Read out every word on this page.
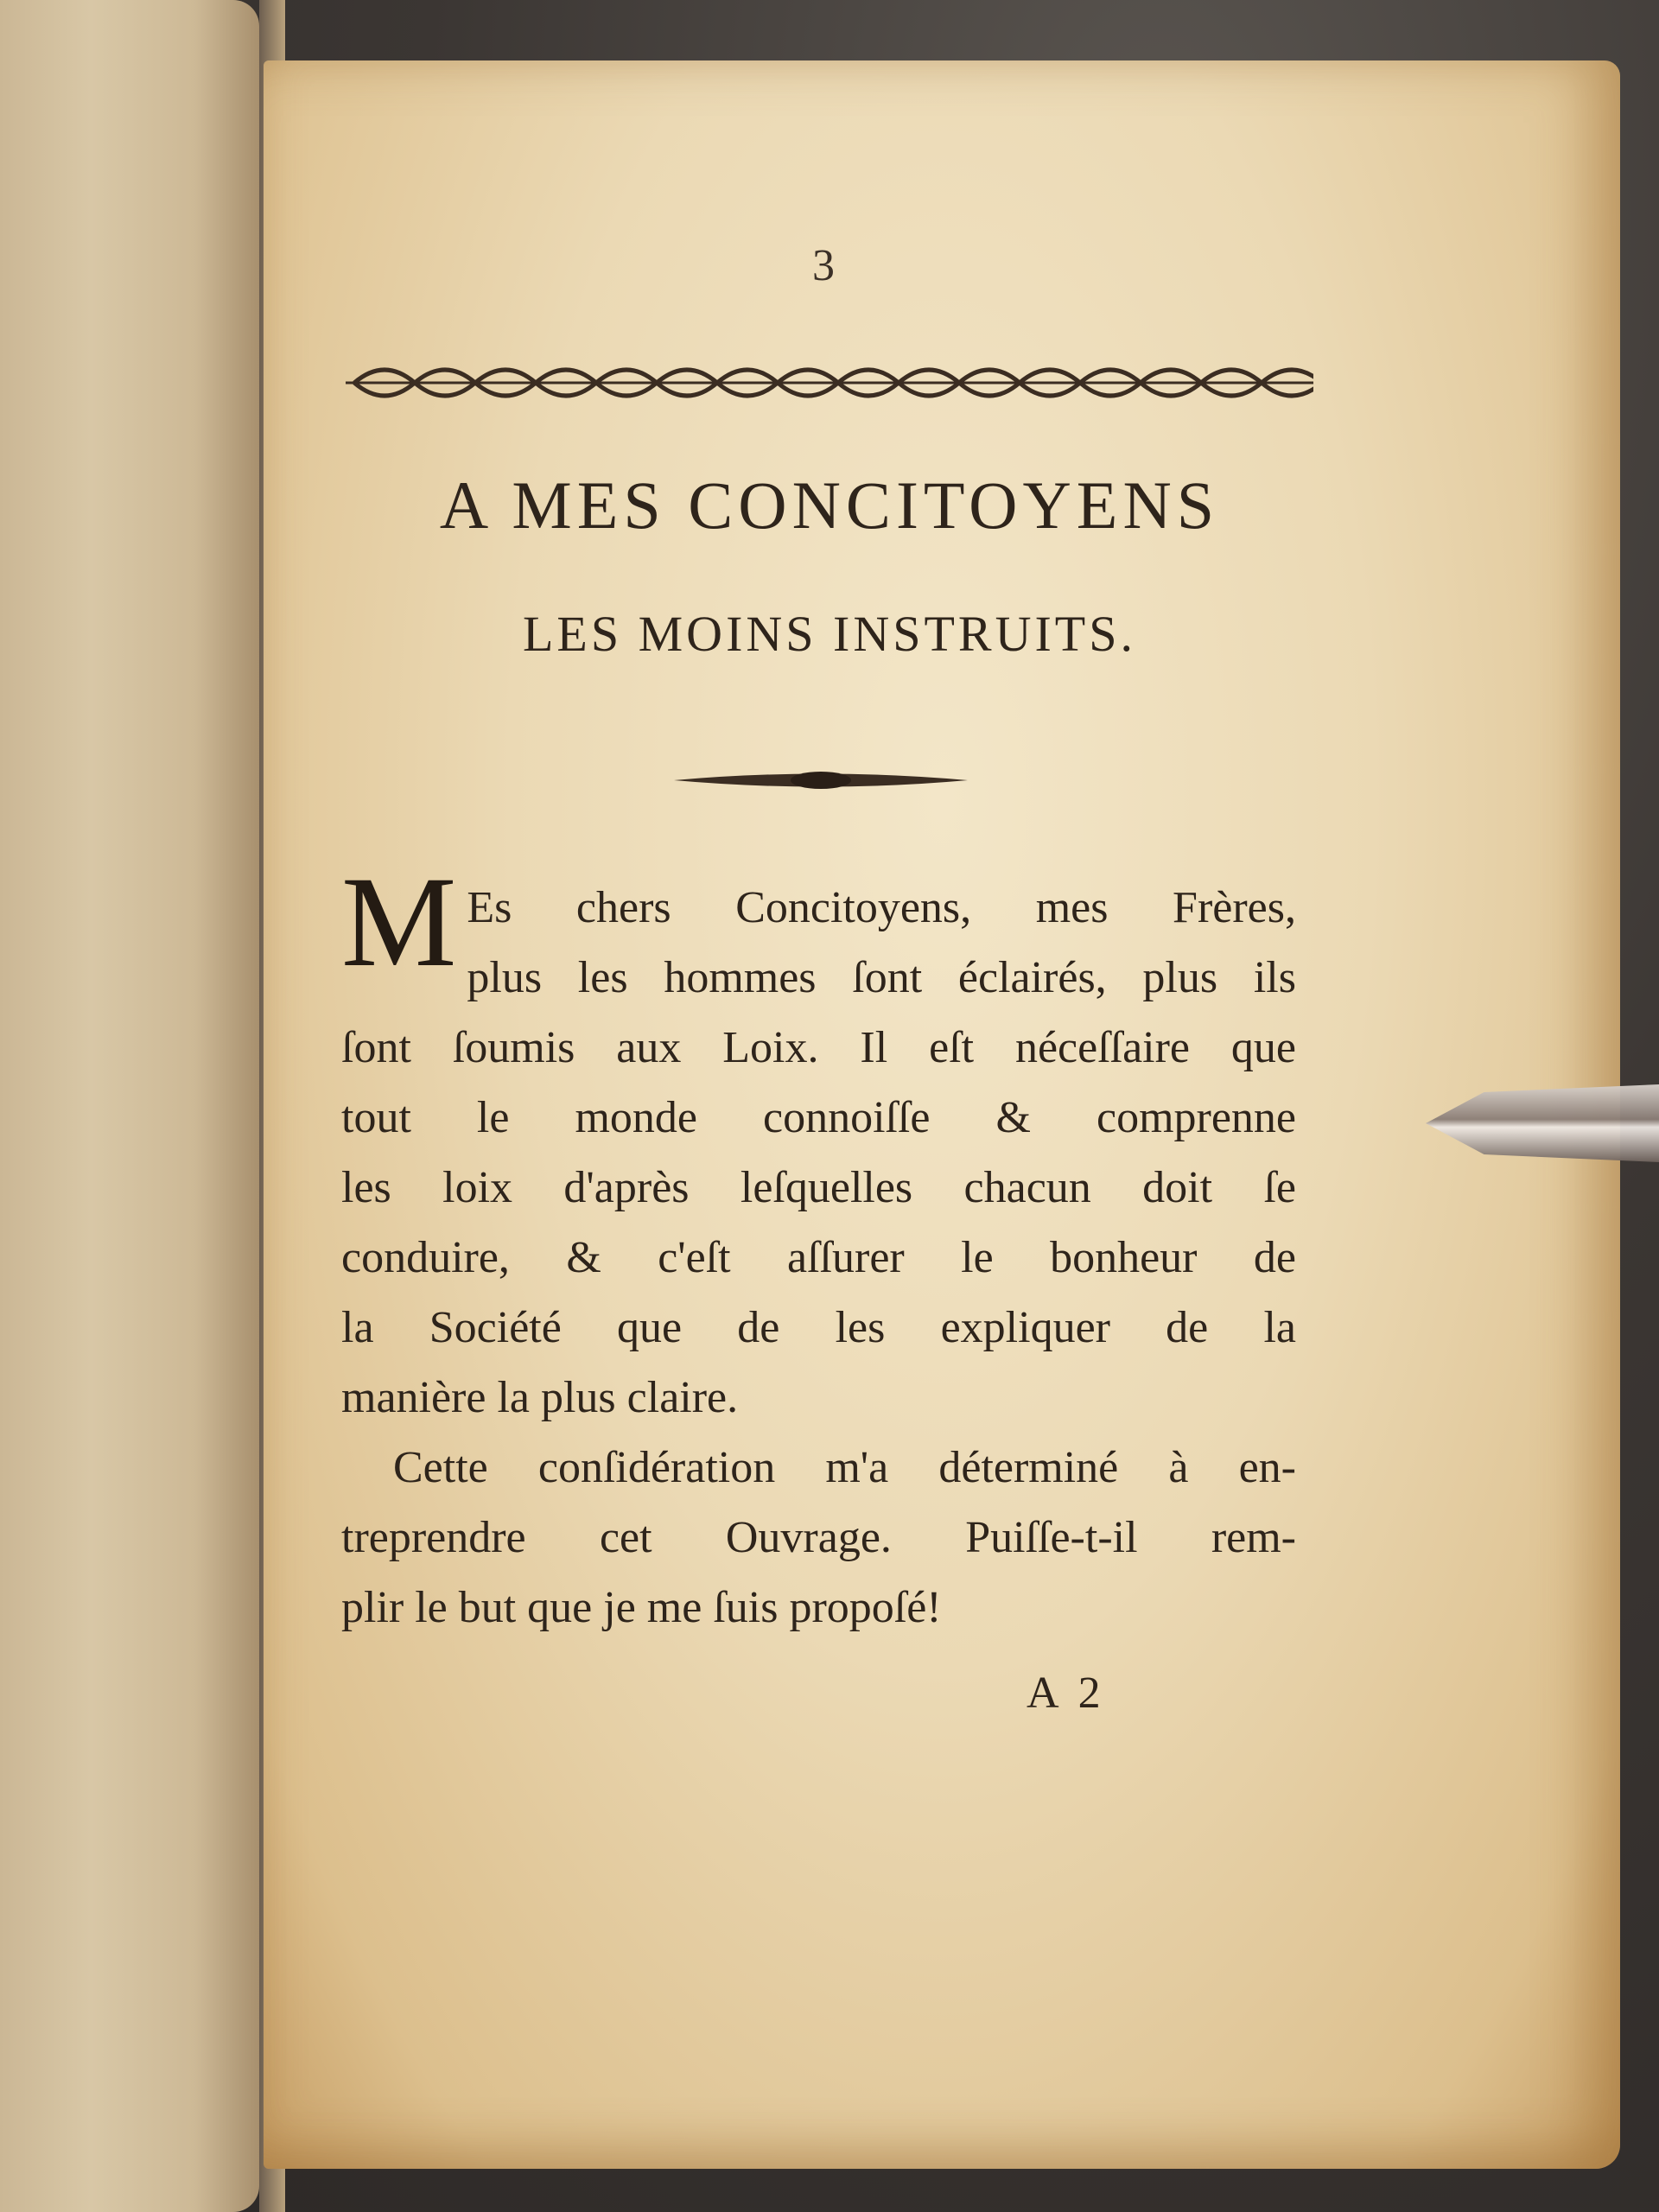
3
A MES CONCITOYENS
LES MOINS INSTRUITS.

M Es chers Concitoyens, mes Frères,
plus les hommes ſont éclairés, plus ils
ſont ſoumis aux Loix. Il eſt néceſſaire que
tout le monde connoiſſe & comprenne
les loix d'après leſquelles chacun doit ſe
conduire, & c'eſt aſſurer le bonheur de
la Société que de les expliquer de la
manière la plus claire.

Cette conſidération m'a déterminé à en-
treprendre cet Ouvrage. Puiſſe-t-il rem-
plir le but que je me ſuis propoſé!

A 2
